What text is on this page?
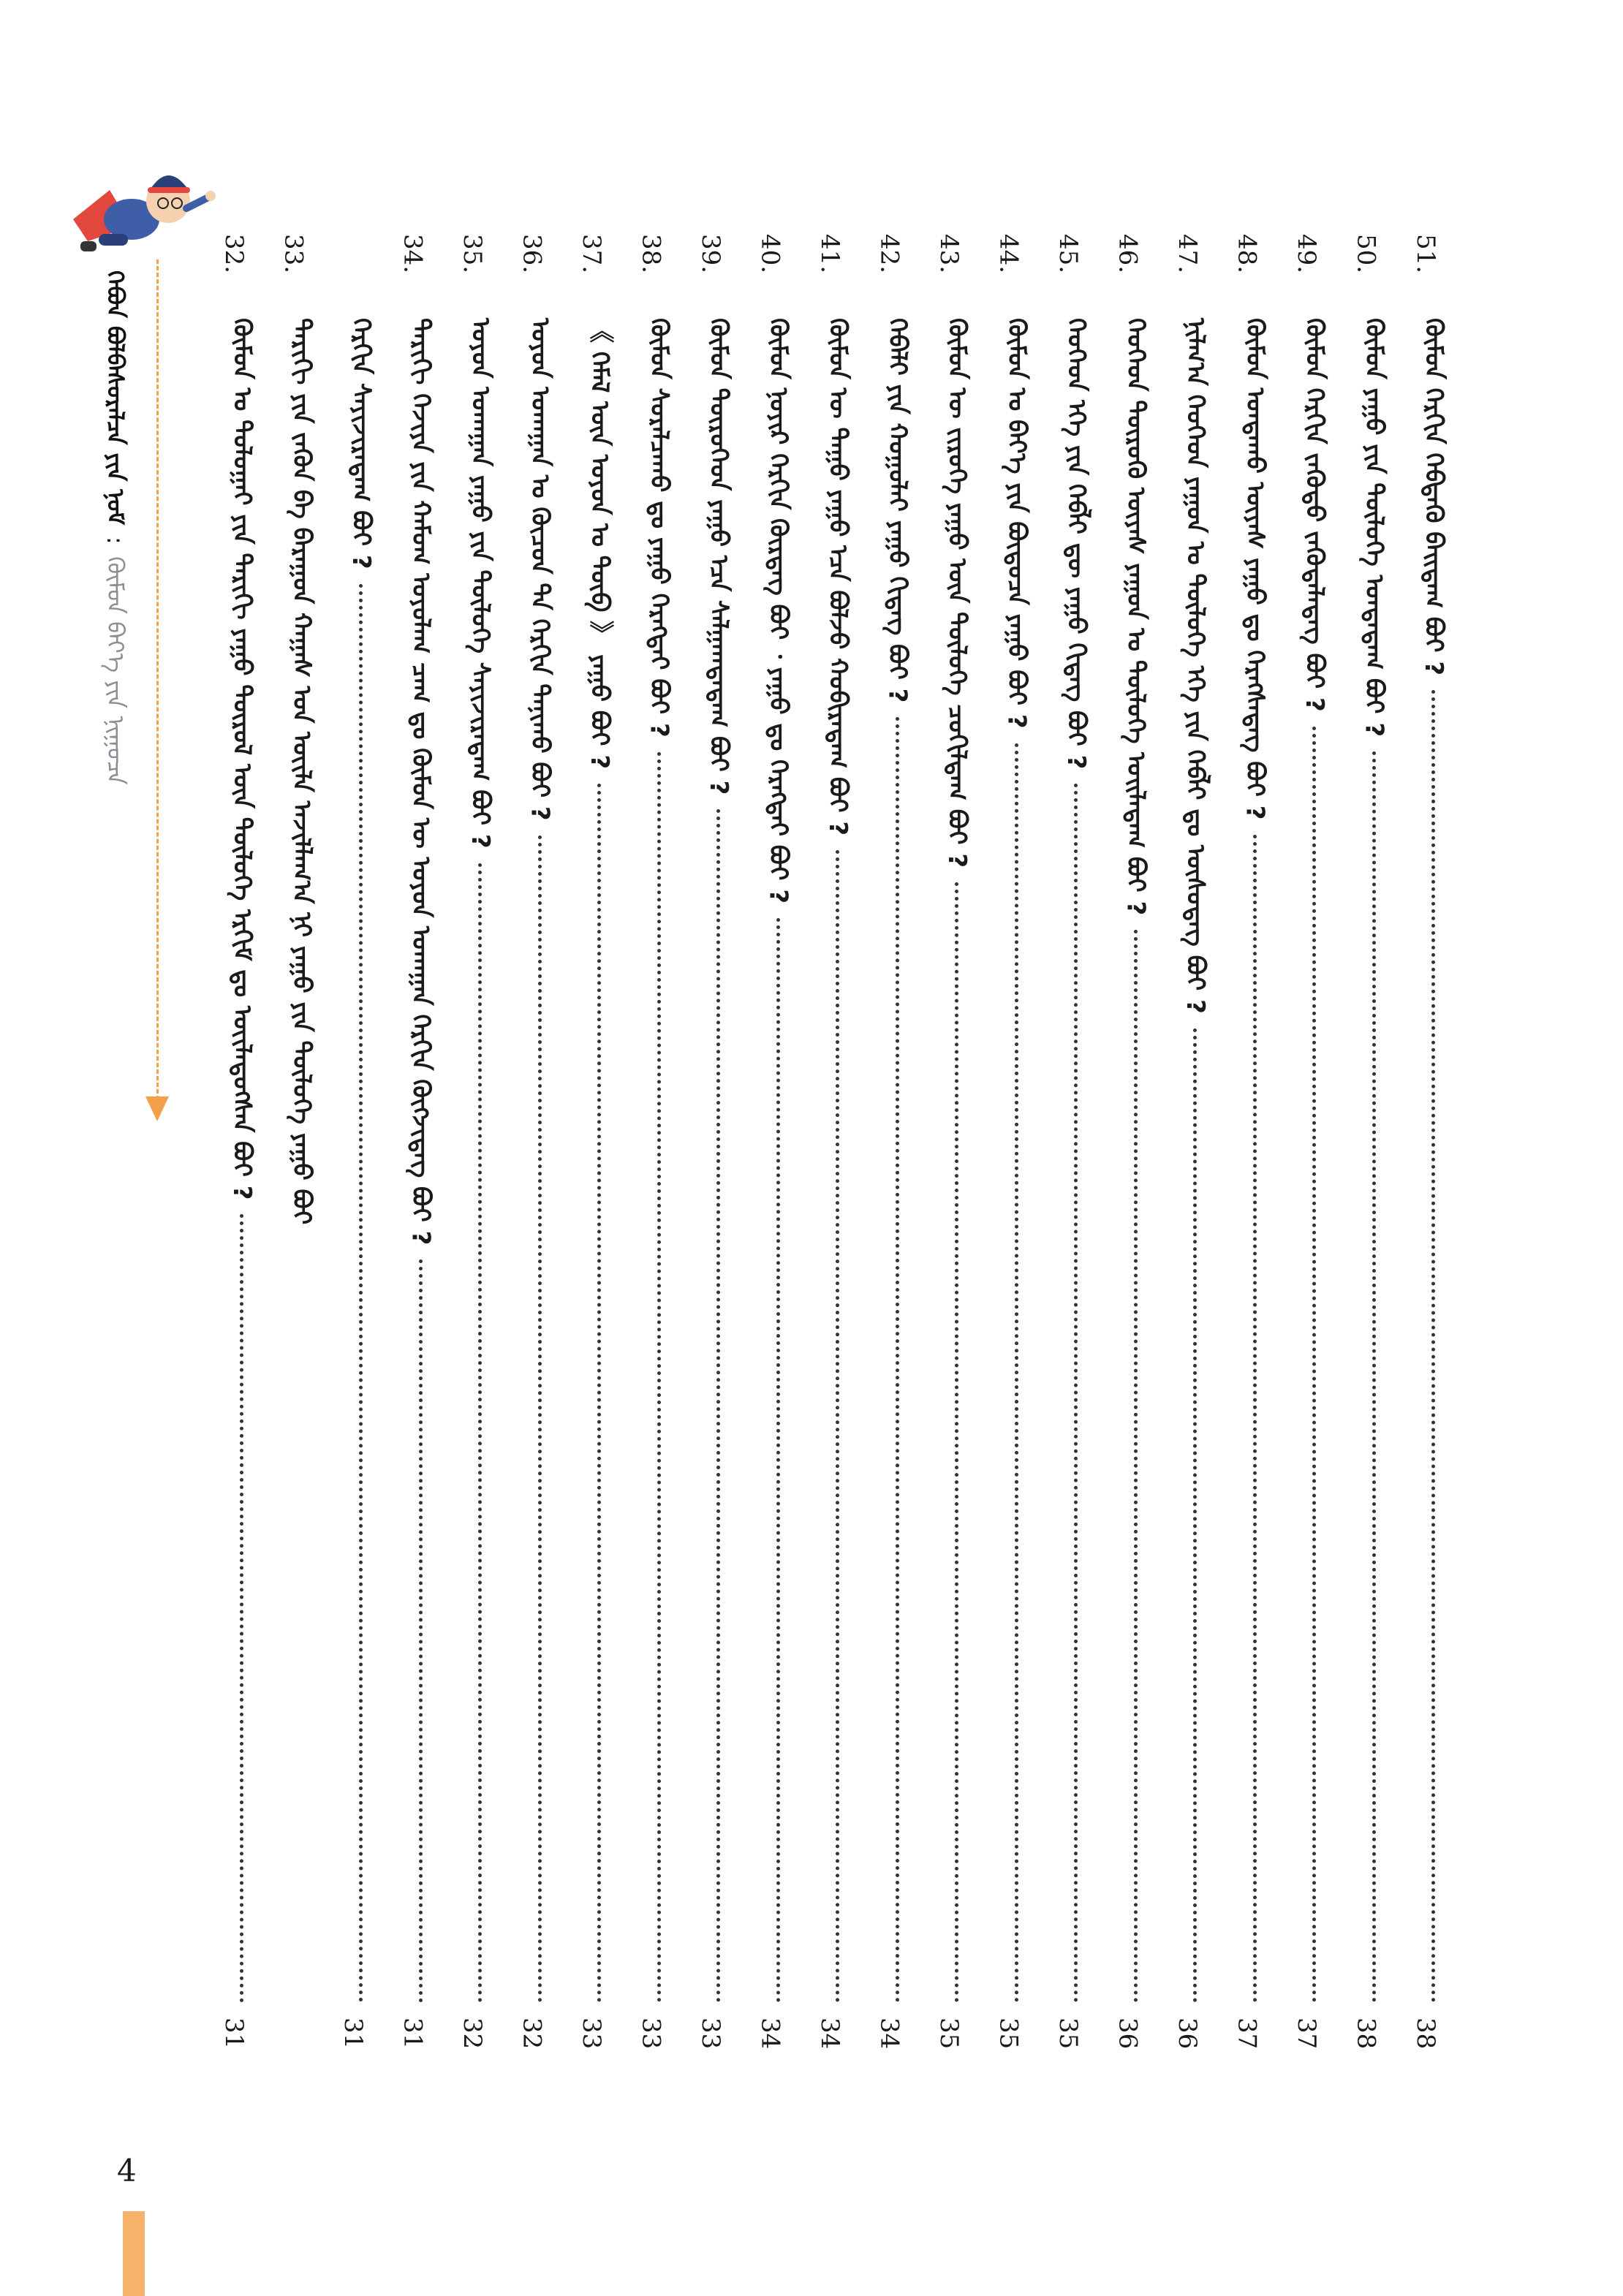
ᠬᠡᠪᠦᠨ ᠪᠣᠯᠪᠠᠰᠤᠷᠠᠯᠴᠠ ᠶᠢᠨ ᠨᠣᠮ : ᠬᠦᠮᠦᠨ ᠪᠡᠶ᠎ᠡ ᠶᠢᠨ ᠨᠢᠭᠤᠴᠠ
51.
ᠬᠦᠮᠦᠨ ᠬᠡᠷᠬᠢᠨ ᠬᠡᠪᠲᠡᠬᠦ ᠪᠠᠢ᠌ᠳᠠᠭ ᠪᠤᠢ ?
38
50.
ᠬᠦᠮᠦᠨ ᠶᠠᠭᠤ ᠶᠢᠨ ᠲᠥᠯᠦᠭᠡ ᠤᠨᠲᠠᠳᠠᠭ ᠪᠤᠢ ?
38
49.
ᠬᠦᠮᠦᠨ ᠬᠡᠷᠬᠢᠨ ᠵᠡᠭᠦᠳᠦ ᠵᠡᠭᠦᠳᠡᠯᠡᠳᠡᠭ ᠪᠤᠢ ?
37
48.
ᠬᠦᠮᠦᠨ ᠤᠨᠲᠠᠬᠤ ᠦᠶᠡᠰ ᠶᠠᠭᠤ ᠳᠤ ᠬᠡᠷᠡᠭᠰᠡᠳᠡᠭ ᠪᠤᠢ ?
37
47.
ᠨᠢᠯᠬ᠎ᠠ ᠬᠡᠦᠬᠡᠳ ᠶᠠᠭᠤᠨ ᠤ ᠲᠥᠯᠦᠭᠡ ᠡᠬᠡ ᠶᠢᠨ ᠬᠡᠪᠯᠢ ᠳᠤ ᠥᠰᠦᠳᠡᠭ ᠪᠤᠢ ?
36
46.
ᠬᠡᠦᠬᠡᠳ ᠲᠥᠷᠥᠬᠦ ᠦᠶᠡᠰ ᠶᠠᠭᠤᠨ ᠤ ᠲᠥᠯᠦᠭᠡ ᠤᠢᠯᠠᠳᠠᠭ ᠪᠤᠢ ?
36
45.
ᠬᠡᠦᠬᠡᠳ ᠡᠬᠡ ᠶᠢᠨ ᠬᠡᠪᠯᠢ ᠳᠦ ᠶᠠᠭᠤ ᠬᠢᠳᠡᠭ ᠪᠤᠢ ?
35
44.
ᠬᠦᠮᠦᠨ ᠤ ᠪᠡᠶ᠎ᠡ ᠶᠢᠨ ᠪᠦᠲᠦᠴᠡ ᠶᠠᠭᠤ ᠪᠤᠢ ?
35
43.
ᠬᠦᠮᠦᠨ ᠦ ᠵᠢᠷᠦᠬᠡ ᠶᠠᠭᠤ ᠦᠨ ᠲᠥᠯᠦᠭᠡ ᠴᠣᠬᠢᠯᠳᠠᠭ ᠪᠤᠢ ?
35
42.
ᠬᠡᠪᠡᠯᠢ ᠶᠢᠨ ᠬᠣᠭᠣᠯᠠᠢ ᠶᠠᠭᠤ ᠬᠢᠳᠡᠭ ᠪᠤᠢ ?
34
41.
ᠬᠦᠮᠦᠨ ᠦ ᠳᠠᠭᠤ ᠶᠠᠭᠤ ᠡᠴᠡ ᠪᠣᠯᠵᠤ ᠬᠤᠪᠢᠷᠠᠳᠠᠭ ᠪᠤᠢ ?
34
40.
ᠬᠦᠮᠦᠨ ᠨᠣᠶᠢᠷ ᠬᠡᠷᠬᠢᠨ ᠬᠦᠷᠳᠡᠭ ᠪᠤᠢ ᠂ ᠶᠠᠭᠤ ᠳᠤ ᠬᠡᠷᠡᠭᠲᠡᠢ ᠪᠤᠢ ?
34
39.
ᠬᠦᠮᠦᠨ ᠲᠥᠷᠦᠬᠡᠳ ᠶᠠᠭᠤ ᠡᠴᠡ ᠰᠠᠯᠭᠠᠭᠳᠠᠳᠠᠭ ᠪᠤᠢ ?
33
38.
ᠬᠦᠮᠦᠨ ᠰᠤᠷᠠᠯᠴᠠᠬᠤ ᠳᠤ ᠶᠠᠭᠤ ᠬᠡᠷᠡᠭᠲᠡᠢ ᠪᠤᠢ ?
33
37.
《 ᠬᠡᠮᠡᠯ ᠦᠨ ᠣᠶᠤᠨ ᠤ ᠲᠥᠪ 》 ᠶᠠᠭᠤ ᠪᠤᠢ ?
33
36.
ᠣᠶᠤᠨ ᠤᠬᠠᠭᠠᠨ ᠤ ᠬᠦᠴᠦᠨ ᠲᠠ ᠬᠡᠷᠬᠢᠨ ᠲᠠᠨᠢᠬᠤ ᠪᠤᠢ ?
32
35.
ᠣᠶᠤᠨ ᠤᠬᠠᠭᠠᠨ ᠶᠠᠭᠤ ᠶᠢᠨ ᠲᠥᠯᠦᠭᠡ ᠰᠠᠶᠢᠵᠢᠷᠠᠳᠠᠭ ᠪᠤᠢ ?
32
34.
ᠲᠠᠷᠢᠬᠢ ᠬᠡᠵᠢᠶᠡ ᠶᠢᠨ ᠬᠠᠮᠤᠭ ᠤᠶᠤᠯᠠᠭ ᠴᠠᠭ ᠳᠤ ᠬᠦᠮᠦᠨ ᠦ ᠣᠶᠤᠨ ᠤᠬᠠᠭᠠᠨ ᠬᠡᠷᠬᠢᠨ ᠬᠥᠭᠵᠢᠳᠡᠭ ᠪᠤᠢ ?
31
ᠬᠡᠷᠬᠢᠨ ᠰᠠᠶᠢᠵᠢᠷᠠᠳᠠᠭ ᠪᠤᠢ ?
31
33.
ᠲᠠᠷᠢᠬᠢ ᠶᠢᠨ ᠵᠡᠭᠦᠨ ᠪᠠ ᠪᠠᠷᠠᠭᠤᠨ ᠬᠠᠭᠠᠰ ᠤᠨ ᠦᠢᠯᠡ ᠠᠵᠢᠯᠯᠠᠭ᠎ᠠ ᠨᠢ ᠶᠠᠭᠤ ᠶᠢᠨ ᠲᠥᠯᠦᠭᠡ ᠶᠠᠭᠤ ᠪᠤᠢ
32.
ᠬᠦᠮᠦᠨ ᠤ ᠲᠣᠯᠣᠭᠠᠢ ᠶᠢᠨ ᠲᠠᠷᠢᠬᠢ ᠶᠠᠭᠤ ᠲᠥᠷᠥᠯ ᠦᠨ ᠲᠥᠯᠦᠭᠡ ᠡᠷᠬᠢᠮ ᠳᠤ ᠦᠢᠯᠡᠳᠦᠭᠰᠡᠨ ᠪᠤᠢ ?
31
4
